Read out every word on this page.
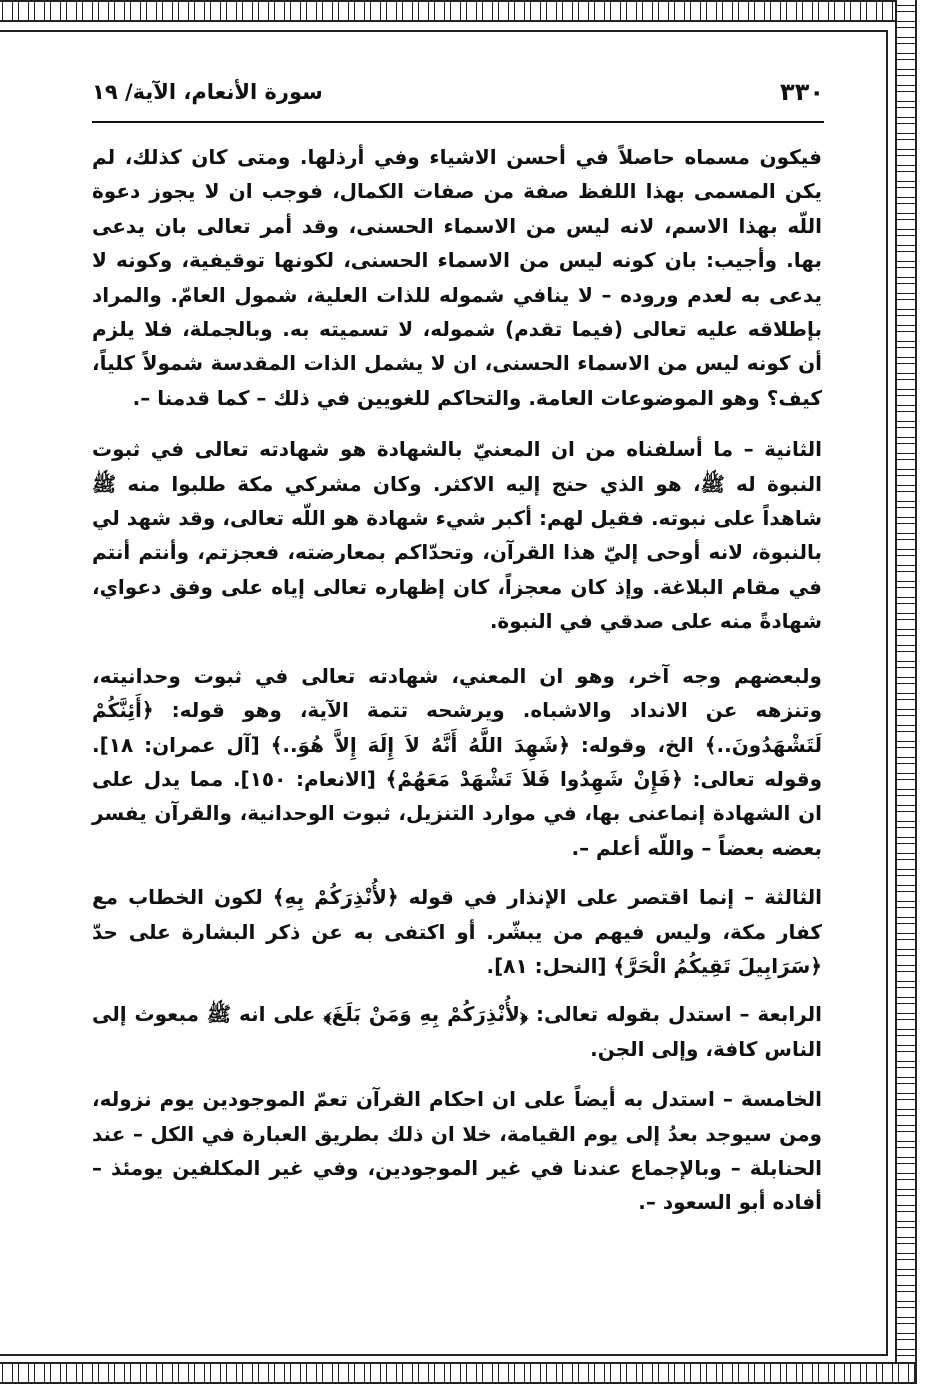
٣٣٠
سورة الأنعام، الآية/ ١٩

فيكون مسماه حاصلاً في أحسن الاشياء وفي أرذلها. ومتى كان كذلك، لم يكن المسمى بهذا اللفظ صفة من صفات الكمال، فوجب ان لا يجوز دعوة اللّه بهذا الاسم، لانه ليس من الاسماء الحسنى، وقد أمر تعالى بان يدعى بها. وأجيب: بان كونه ليس من الاسماء الحسنى، لكونها توقيفية، وكونه لا يدعى به لعدم وروده – لا ينافي شموله للذات العلية، شمول العامّ. والمراد بإطلاقه عليه تعالى (فيما تقدم) شموله، لا تسميته به. وبالجملة، فلا يلزم أن كونه ليس من الاسماء الحسنى، ان لا يشمل الذات المقدسة شمولاً كلياً، كيف؟ وهو الموضوعات العامة. والتحاكم للغويين في ذلك – كما قدمنا –.

الثانية – ما أسلفناه من ان المعنيّ بالشهادة هو شهادته تعالى في ثبوت النبوة له ﷺ، هو الذي حنج إليه الاكثر. وكان مشركي مكة طلبوا منه ﷺ شاهداً على نبوته. فقيل لهم: أكبر شيء شهادة هو اللّه تعالى، وقد شهد لي بالنبوة، لانه أوحى إليّ هذا القرآن، وتحدّاكم بمعارضته، فعجزتم، وأنتم أنتم في مقام البلاغة. وإذ كان معجزاً، كان إظهاره تعالى إياه على وفق دعواي، شهادةً منه على صدقي في النبوة.

ولبعضهم وجه آخر، وهو ان المعني، شهادته تعالى في ثبوت وحدانيته، وتنزهه عن الانداد والاشباه. ويرشحه تتمة الآية، وهو قوله: ﴿أَئِنَّكُمْ لَتَشْهَدُونَ..﴾ الخ، وقوله: ﴿شَهِدَ اللَّهُ أَنَّهُ لاَ إِلَهَ إِلاَّ هُوَ..﴾ [آل عمران: ١٨]. وقوله تعالى: ﴿فَإِنْ شَهِدُوا فَلاَ تَشْهَدْ مَعَهُمْ﴾ [الانعام: ١٥٠]. مما يدل على ان الشهادة إنماعنى بها، في موارد التنزيل، ثبوت الوحدانية، والقرآن يفسر بعضه بعضاً – واللّه أعلم –.

الثالثة – إنما اقتصر على الإنذار في قوله ﴿لأُنْذِرَكُمْ بِهِ﴾ لكون الخطاب مع كفار مكة، وليس فيهم من يبشّر. أو اكتفى به عن ذكر البشارة على حدّ ﴿سَرَابِيلَ تَقِيكُمُ الْحَرَّ﴾ [النحل: ٨١].

الرابعة – استدل بقوله تعالى: ﴿لأُنْذِرَكُمْ بِهِ وَمَنْ بَلَغَ﴾ على انه ﷺ مبعوث إلى الناس كافة، وإلى الجن.

الخامسة – استدل به أيضاً على ان احكام القرآن تعمّ الموجودين يوم نزوله، ومن سيوجد بعدُ إلى يوم القيامة، خلا ان ذلك بطريق العبارة في الكل – عند الحنابلة – وبالإجماع عندنا في غير الموجودين، وفي غير المكلفين يومئذ – أفاده أبو السعود –.
